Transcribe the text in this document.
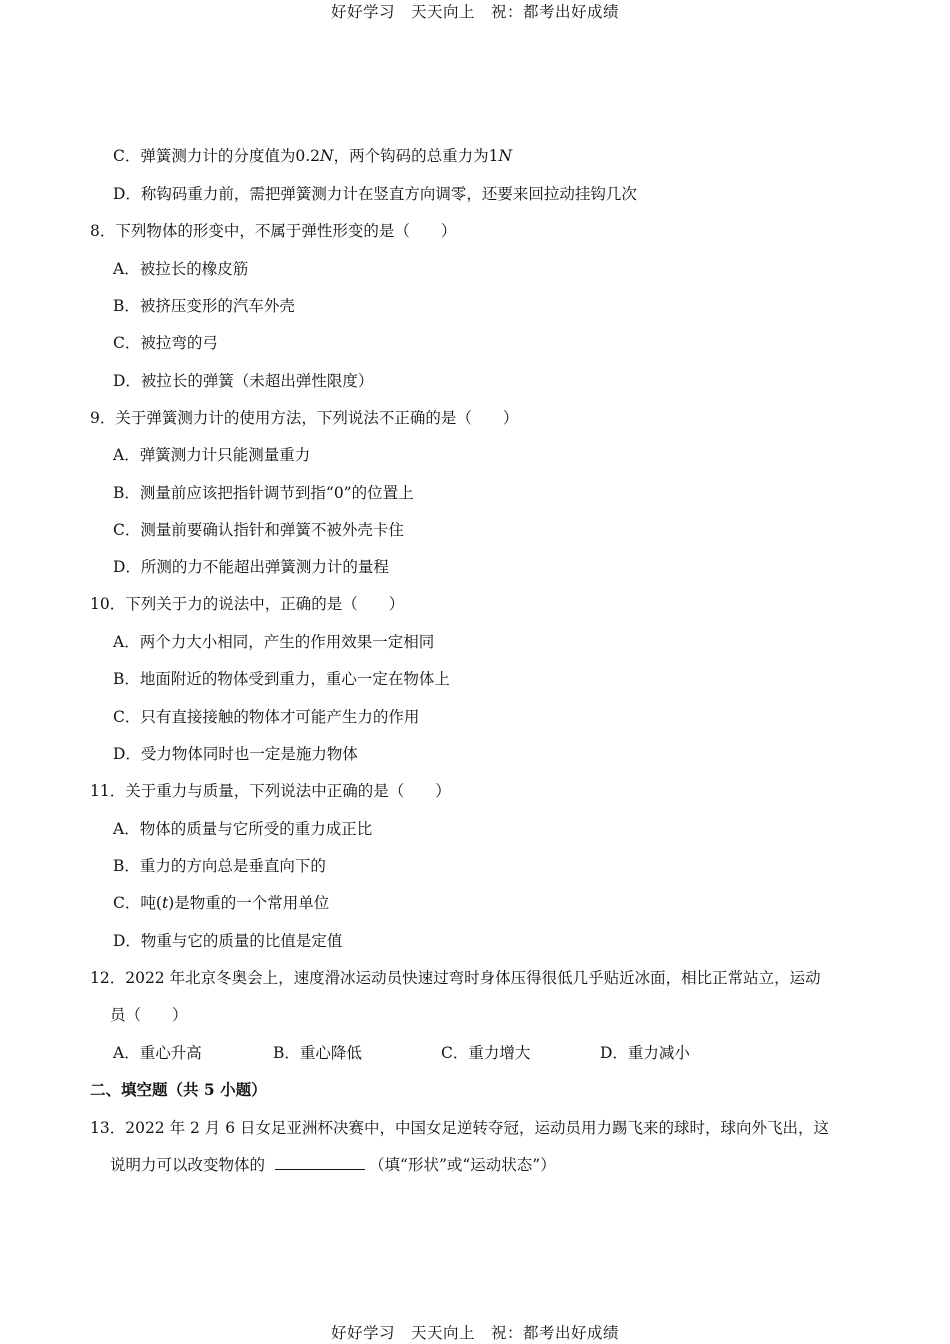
好好学习　天天向上　祝：都考出好成绩
C．弹簧测力计的分度值为0.2N，两个钩码的总重力为1N
D．称钩码重力前，需把弹簧测力计在竖直方向调零，还要来回拉动挂钩几次
8．下列物体的形变中，不属于弹性形变的是（　　）
A．被拉长的橡皮筋
B．被挤压变形的汽车外壳
C．被拉弯的弓
D．被拉长的弹簧（未超出弹性限度）
9．关于弹簧测力计的使用方法，下列说法不正确的是（　　）
A．弹簧测力计只能测量重力
B．测量前应该把指针调节到指“0”的位置上
C．测量前要确认指针和弹簧不被外壳卡住
D．所测的力不能超出弹簧测力计的量程
10．下列关于力的说法中，正确的是（　　）
A．两个力大小相同，产生的作用效果一定相同
B．地面附近的物体受到重力，重心一定在物体上
C．只有直接接触的物体才可能产生力的作用
D．受力物体同时也一定是施力物体
11．关于重力与质量，下列说法中正确的是（　　）
A．物体的质量与它所受的重力成正比
B．重力的方向总是垂直向下的
C．吨(t)是物重的一个常用单位
D．物重与它的质量的比值是定值
12．2022 年北京冬奥会上，速度滑冰运动员快速过弯时身体压得很低几乎贴近冰面，相比正常站立，运动
员（　　）
A．重心升高	B．重心降低	C．重力增大	D．重力减小
二、填空题（共 5 小题）
13．2022 年 2 月 6 日女足亚洲杯决赛中，中国女足逆转夺冠，运动员用力踢飞来的球时，球向外飞出，这
说明力可以改变物体的	（填“形状”或“运动状态”）
好好学习　天天向上　祝：都考出好成绩
